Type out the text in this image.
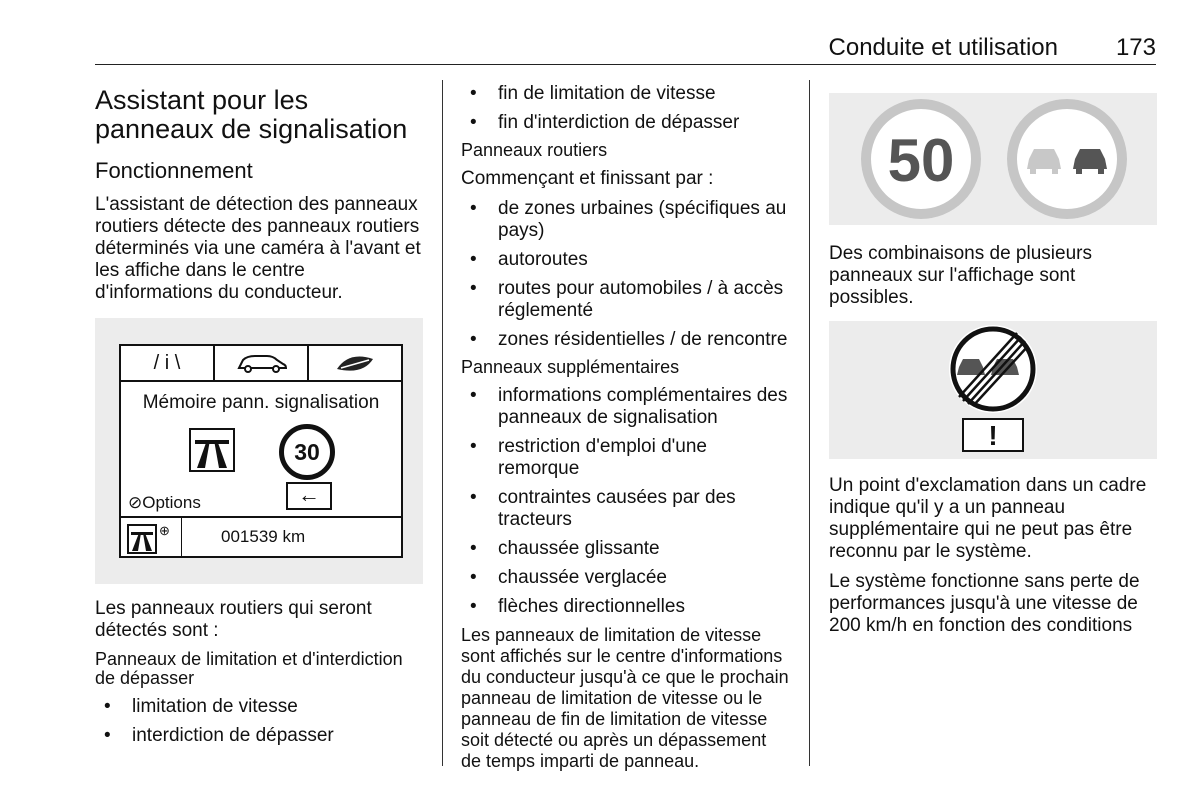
Conduite et utilisation 173
Assistant pour les panneaux de signalisation
Fonctionnement

L'assistant de détection des panneaux routiers détecte des panneaux routiers déterminés via une caméra à l'avant et les affiche dans le centre d'informations du conducteur.

/ i \
Mémoire pann. signalisation
30
⊘Options	←
⊕	001539 km

Les panneaux routiers qui seront détectés sont :

Panneaux de limitation et d'interdiction de dépasser

• limitation de vitesse
• interdiction de dépasser
• fin de limitation de vitesse
• fin d'interdiction de dépasser

Panneaux routiers

Commençant et finissant par :

• de zones urbaines (spécifiques au pays)
• autoroutes
• routes pour automobiles / à accès réglementé
• zones résidentielles / de rencontre

Panneaux supplémentaires

• informations complémentaires des panneaux de signalisation
• restriction d'emploi d'une remorque
• contraintes causées par des tracteurs
• chaussée glissante
• chaussée verglacée
• flèches directionnelles

Les panneaux de limitation de vitesse sont affichés sur le centre d'informations du conducteur jusqu'à ce que le prochain panneau de limitation de vitesse ou le panneau de fin de limitation de vitesse soit détecté ou après un dépassement de temps imparti de panneau.

50

Des combinaisons de plusieurs panneaux sur l'affichage sont possibles.

!

Un point d'exclamation dans un cadre indique qu'il y a un panneau supplémentaire qui ne peut pas être reconnu par le système.

Le système fonctionne sans perte de performances jusqu'à une vitesse de 200 km/h en fonction des conditions
